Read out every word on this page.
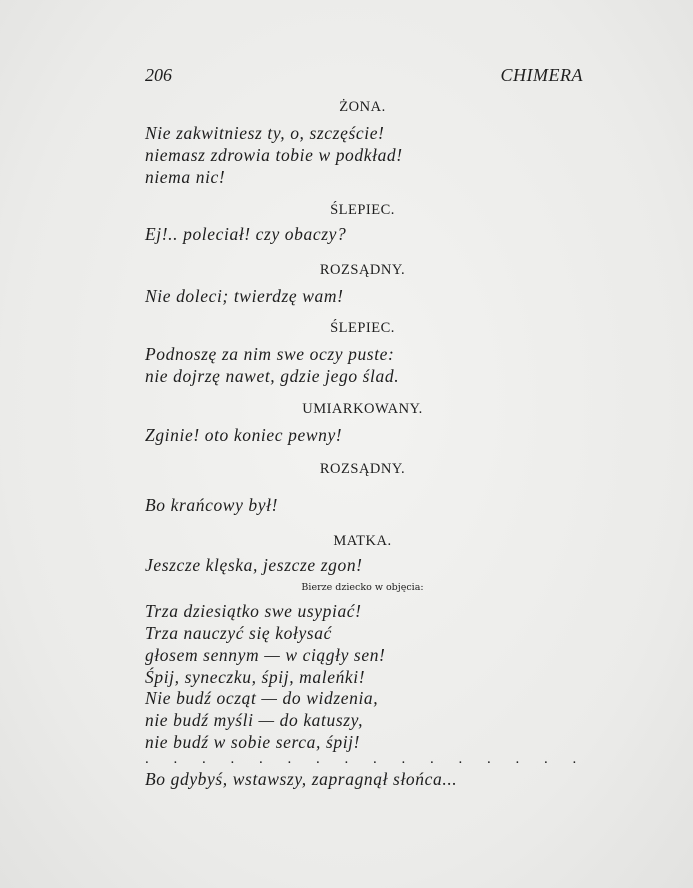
206	CHIMERA
ŻONA.
Nie zakwitniesz ty, o, szczęście!
niemasz zdrowia tobie w podkład!
niema nic!
ŚLEPIEC.
Ej!.. poleciał! czy obaczy?
ROZSĄDNY.
Nie doleci; twierdzę wam!
ŚLEPIEC.
Podnoszę za nim swe oczy puste:
nie dojrzę nawet, gdzie jego ślad.
UMIARKOWANY.
Zginie! oto koniec pewny!
ROZSĄDNY.
Bo krańcowy był!
MATKA.
Jeszcze klęska, jeszcze zgon!
Bierze dziecko w objęcia:
Trza dziesiątko swe usypiać!
Trza nauczyć się kołysać
głosem sennym — w ciągły sen!
Śpij, syneczku, śpij, maleńki!
Nie budź ocząt — do widzenia,
nie budź myśli — do katuszy,
nie budź w sobie serca, śpij!
. . . . . . . . . . . . . . . .
Bo gdybyś, wstawszy, zapragnął słońca...
